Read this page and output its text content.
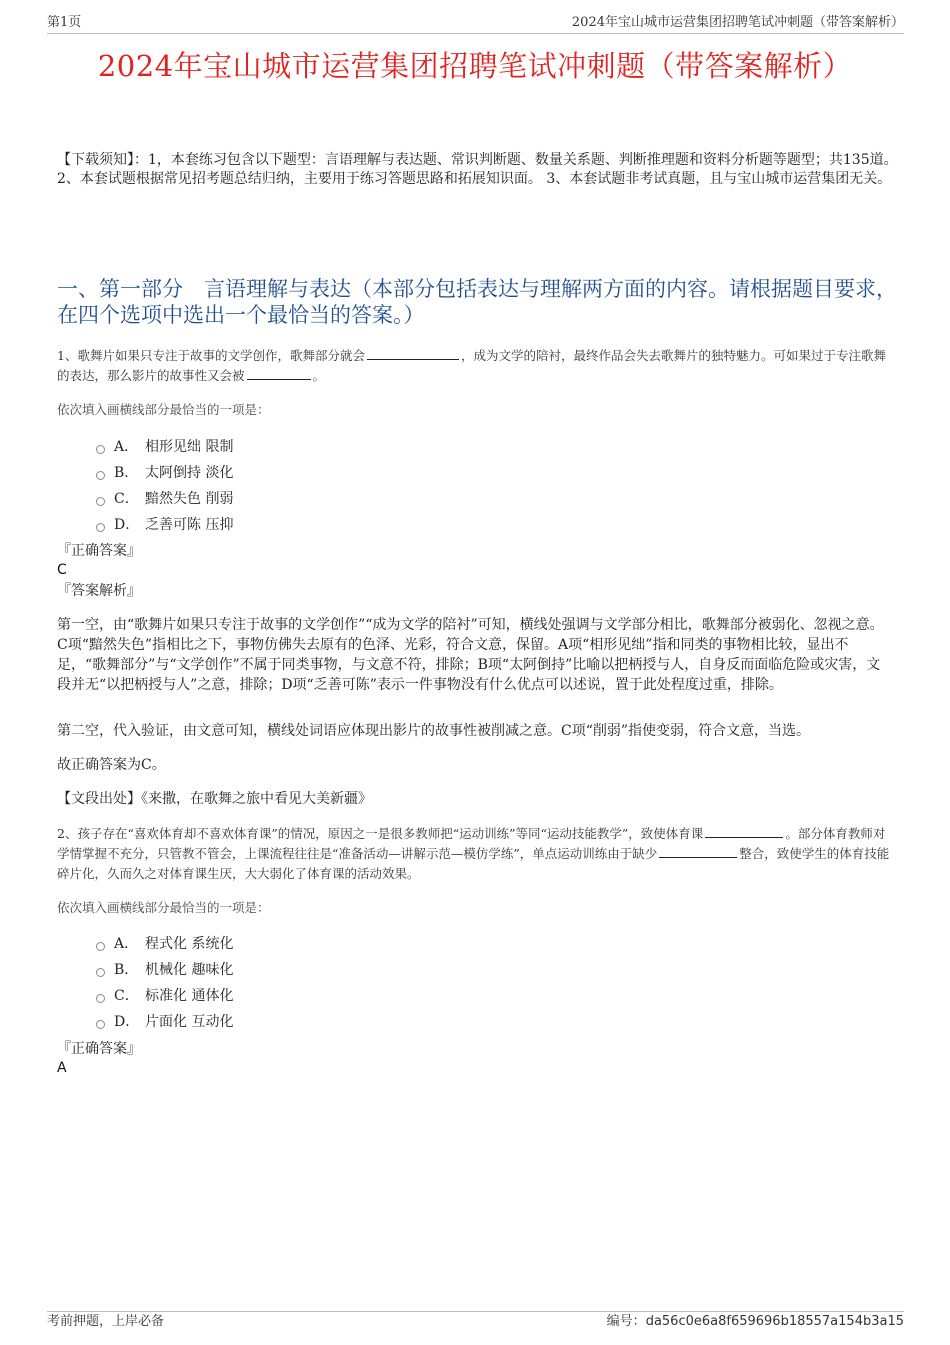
第1页	2024年宝山城市运营集团招聘笔试冲刺题（带答案解析）
2024年宝山城市运营集团招聘笔试冲刺题（带答案解析）
【下载须知】：1，本套练习包含以下题型：言语理解与表达题、常识判断题、数量关系题、判断推理题和资料分析题等题型；共135道。 2、本套试题根据常见招考题总结归纳，主要用于练习答题思路和拓展知识面。 3、本套试题非考试真题，且与宝山城市运营集团无关。
一、第一部分　言语理解与表达（本部分包括表达与理解两方面的内容。请根据题目要求，在四个选项中选出一个最恰当的答案。）
1、歌舞片如果只专注于故事的文学创作，歌舞部分就会	，成为文学的陪衬，最终作品会失去歌舞片的独特魅力。可如果过于专注歌舞的表达，那么影片的故事性又会被	。
依次填入画横线部分最恰当的一项是：
A． 相形见绌 限制
B． 太阿倒持 淡化
C． 黯然失色 削弱
D． 乏善可陈 压抑
『正确答案』
C
『答案解析』
第一空，由“歌舞片如果只专注于故事的文学创作”“成为文学的陪衬”可知，横线处强调与文学部分相比，歌舞部分被弱化、忽视之意。C项“黯然失色”指相比之下，事物仿佛失去原有的色泽、光彩，符合文意，保留。A项“相形见绌”指和同类的事物相比较，显出不足，“歌舞部分”与“文学创作”不属于同类事物，与文意不符，排除；B项“太阿倒持”比喻以把柄授与人，自身反而面临危险或灾害，文段并无“以把柄授与人”之意，排除；D项“乏善可陈”表示一件事物没有什么优点可以述说，置于此处程度过重，排除。
第二空，代入验证，由文意可知，横线处词语应体现出影片的故事性被削减之意。C项“削弱”指使变弱，符合文意，当选。
故正确答案为C。
【文段出处】《来撒，在歌舞之旅中看见大美新疆》
2、孩子存在“喜欢体育却不喜欢体育课”的情况，原因之一是很多教师把“运动训练”等同“运动技能教学”，致使体育课	。部分体育教师对学情掌握不充分，只管教不管会，上课流程往往是“准备活动—讲解示范—模仿学练”，单点运动训练由于缺少	整合，致使学生的体育技能碎片化，久而久之对体育课生厌，大大弱化了体育课的活动效果。
依次填入画横线部分最恰当的一项是：
A． 程式化 系统化
B． 机械化 趣味化
C． 标准化 通体化
D． 片面化 互动化
『正确答案』
A
考前押题，上岸必备	编号：da56c0e6a8f659696b18557a154b3a15
